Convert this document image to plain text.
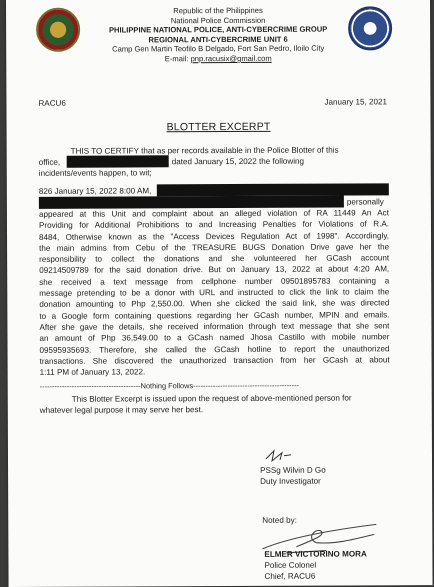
Republic of the Philippines
National Police Commission
PHILIPPINE NATIONAL POLICE, ANTI-CYBERCRIME GROUP
REGIONAL ANTI-CYBERCRIME UNIT 6
Camp Gen Martin Teofilo B Delgado, Fort San Pedro, Iloilo City
E-mail: pnp.racusix@gmail.com
RACU6	January 15, 2021
BLOTTER EXCERPT
THIS TO CERTIFY that as per records available in the Police Blotter of this
office,	dated January 15, 2022 the following
incidents/events happen, to wit;
826 January 15, 2022 8:00 AM,
personally
appeared at this Unit and complaint about an alleged violation of RA 11449 An Act
Providing for Additional Prohibitions to and Increasing Penalties for Violations of R.A.
8484, Otherwise known as the "Access Devices Regulation Act of 1998". Accordingly,
the main admins from Cebu of the TREASURE BUGS Donation Drive gave her the
responsibility to collect the donations and she volunteered her GCash account
09214509789 for the said donation drive. But on January 13, 2022 at about 4:20 AM,
she received a text message from cellphone number 09501895783 containing a
message pretending to be a donor with URL and instructed to click the link to claim the
donation amounting to Php 2,550.00. When she clicked the said link, she was directed
to a Google form containing questions regarding her GCash number, MPIN and emails.
After she gave the details, she received information through text message that she sent
an amount of Php 36,549.00 to a GCash named Jhosa Castillo with mobile number
09595935693. Therefore, she called the GCash hotline to report the unauthorized
transactions. She discovered the unauthorized transaction from her GCash at about
1:11 PM of January 13, 2022.
-----------------------------------------Nothing Follows-------------------------------------------
This Blotter Excerpt is issued upon the request of above-mentioned person for
whatever legal purpose it may serve her best.
PSSg Wilvin D Go
Duty Investigator
Noted by:
ELMER VICTORINO MORA
Police Colonel
Chief, RACU6
